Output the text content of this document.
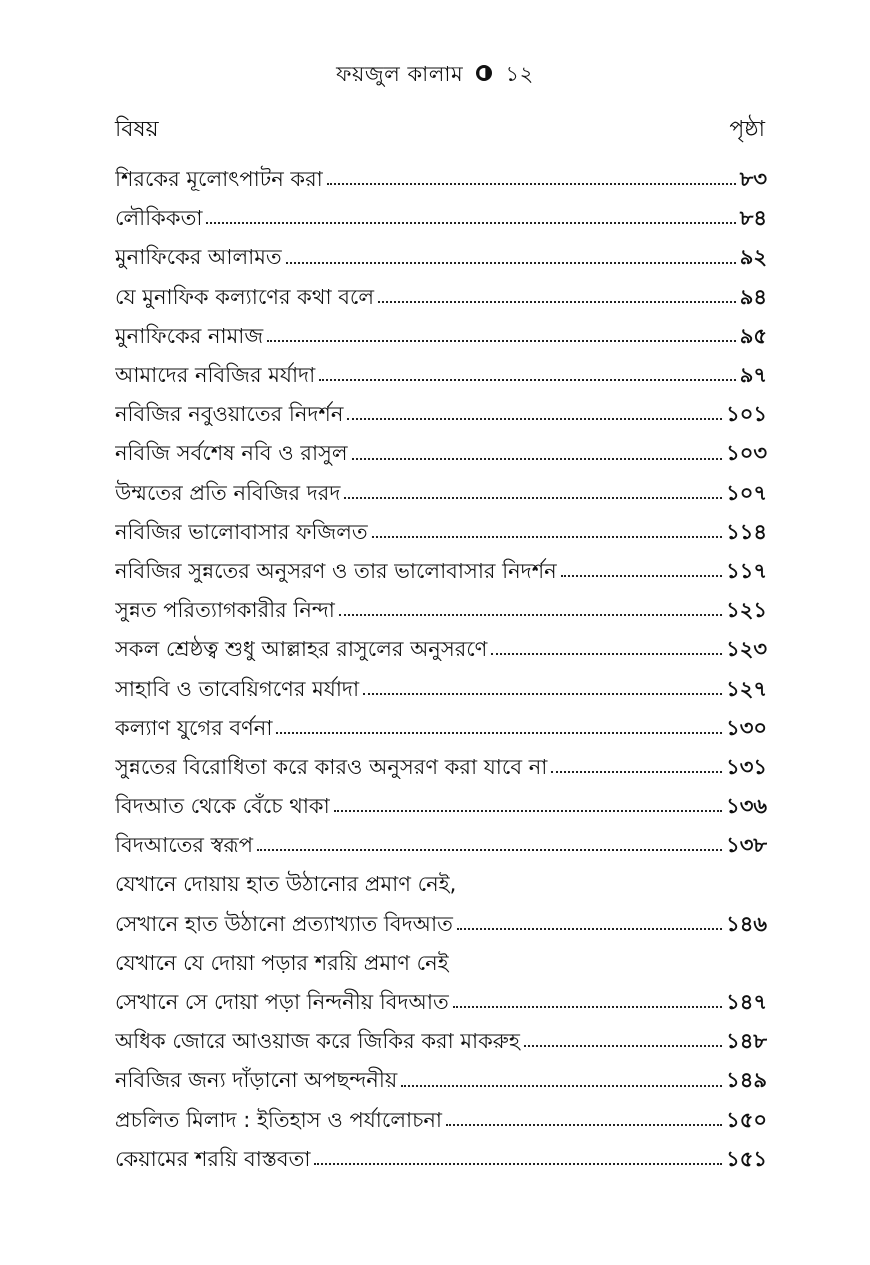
ফয়জুল কালাম ১২
বিষয়	পৃষ্ঠা
শিরকের মূলোৎপাটন করা	৮৩
লৌকিকতা	৮৪
মুনাফিকের আলামত	৯২
যে মুনাফিক কল্যাণের কথা বলে	৯৪
মুনাফিকের নামাজ	৯৫
আমাদের নবিজির মর্যাদা	৯৭
নবিজির নবুওয়াতের নিদর্শন	১০১
নবিজি সর্বশেষ নবি ও রাসুল	১০৩
উম্মতের প্রতি নবিজির দরদ	১০৭
নবিজির ভালোবাসার ফজিলত	১১৪
নবিজির সুন্নতের অনুসরণ ও তার ভালোবাসার নিদর্শন	১১৭
সুন্নত পরিত্যাগকারীর নিন্দা	১২১
সকল শ্রেষ্ঠত্ব শুধু আল্লাহর রাসুলের অনুসরণে	১২৩
সাহাবি ও তাবেয়িগণের মর্যাদা	১২৭
কল্যাণ যুগের বর্ণনা	১৩০
সুন্নতের বিরোধিতা করে কারও অনুসরণ করা যাবে না	১৩১
বিদআত থেকে বেঁচে থাকা	১৩৬
বিদআতের স্বরূপ	১৩৮
যেখানে দোয়ায় হাত উঠানোর প্রমাণ নেই,
সেখানে হাত উঠানো প্রত্যাখ্যাত বিদআত	১৪৬
যেখানে যে দোয়া পড়ার শরয়ি প্রমাণ নেই
সেখানে সে দোয়া পড়া নিন্দনীয় বিদআত	১৪৭
অধিক জোরে আওয়াজ করে জিকির করা মাকরুহ	১৪৮
নবিজির জন্য দাঁড়ানো অপছন্দনীয়	১৪৯
প্রচলিত মিলাদ : ইতিহাস ও পর্যালোচনা	১৫০
কেয়ামের শরয়ি বাস্তবতা	১৫১
